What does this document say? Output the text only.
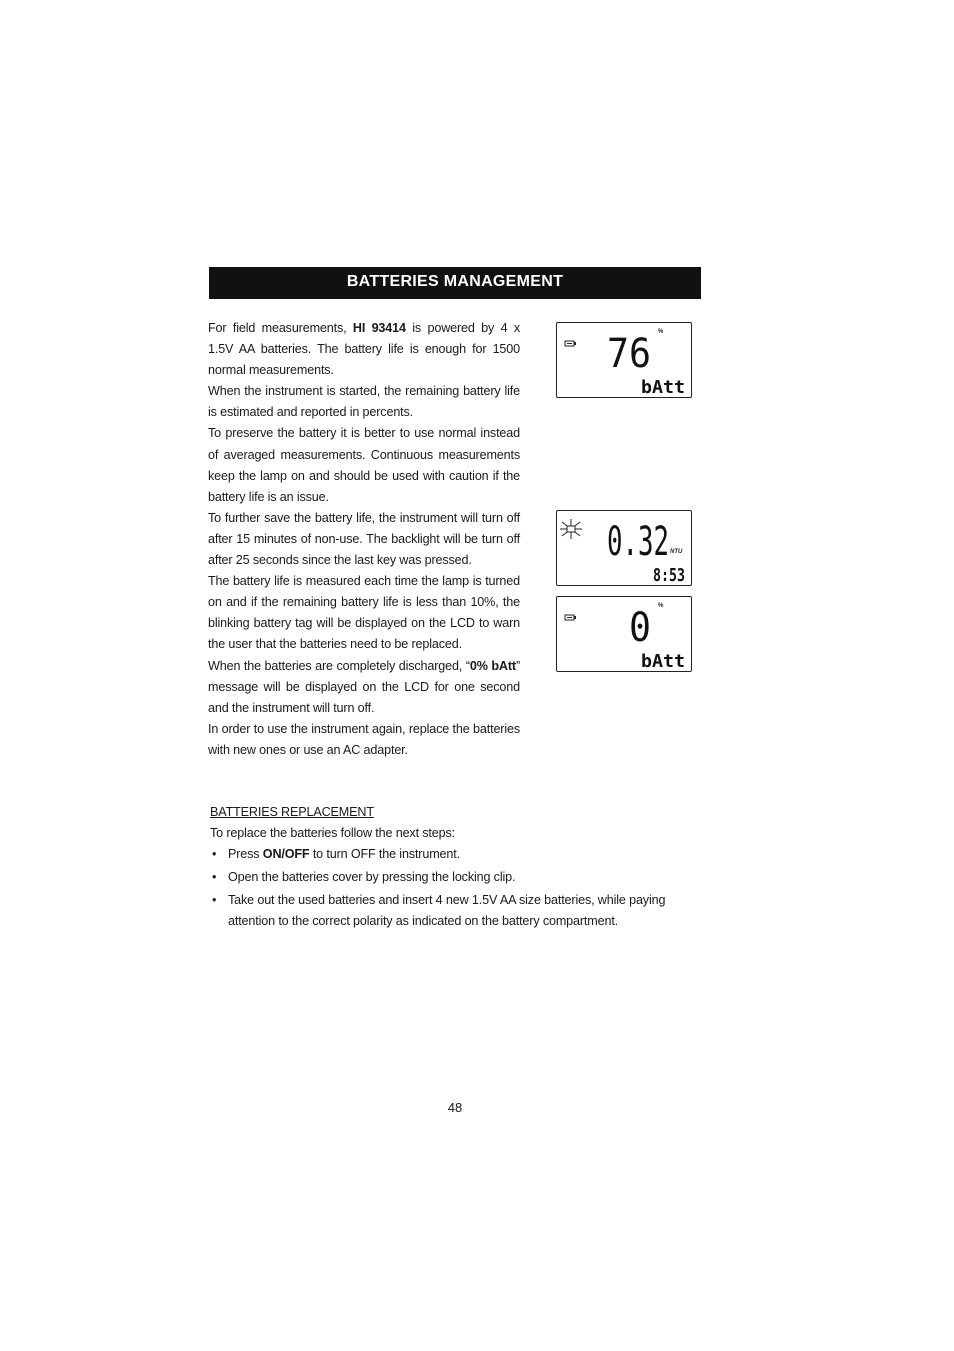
BATTERIES MANAGEMENT

For field measurements, HI 93414 is powered by 4 x 1.5V AA batteries. The battery life is enough for 1500 normal measurements.

When the instrument is started, the remaining battery life is estimated and reported in percents.

To preserve the battery it is better to use normal instead of averaged measurements. Continuous measurements keep the lamp on and should be used with caution if the battery life is an issue.

To further save the battery life, the instrument will turn off after 15 minutes of non-use. The backlight will be turn off after 25 seconds since the last key was pressed.

The battery life is measured each time the lamp is turned on and if the remaining battery life is less than 10%, the blinking battery tag will be displayed on the LCD to warn the user that the batteries need to be replaced.

When the batteries are completely discharged, “0% bAtt” message will be displayed on the LCD for one second and the instrument will turn off.

In order to use the instrument again, replace the batteries with new ones or use an AC adapter.

%
76
bAtt
0.32 NTU
8:53
%
0
bAtt

BATTERIES REPLACEMENT

To replace the batteries follow the next steps:

• Press ON/OFF to turn OFF the instrument.
• Open the batteries cover by pressing the locking clip.
• Take out the used batteries and insert 4 new 1.5V AA size batteries, while paying attention to the correct polarity as indicated on the battery compartment.
48
